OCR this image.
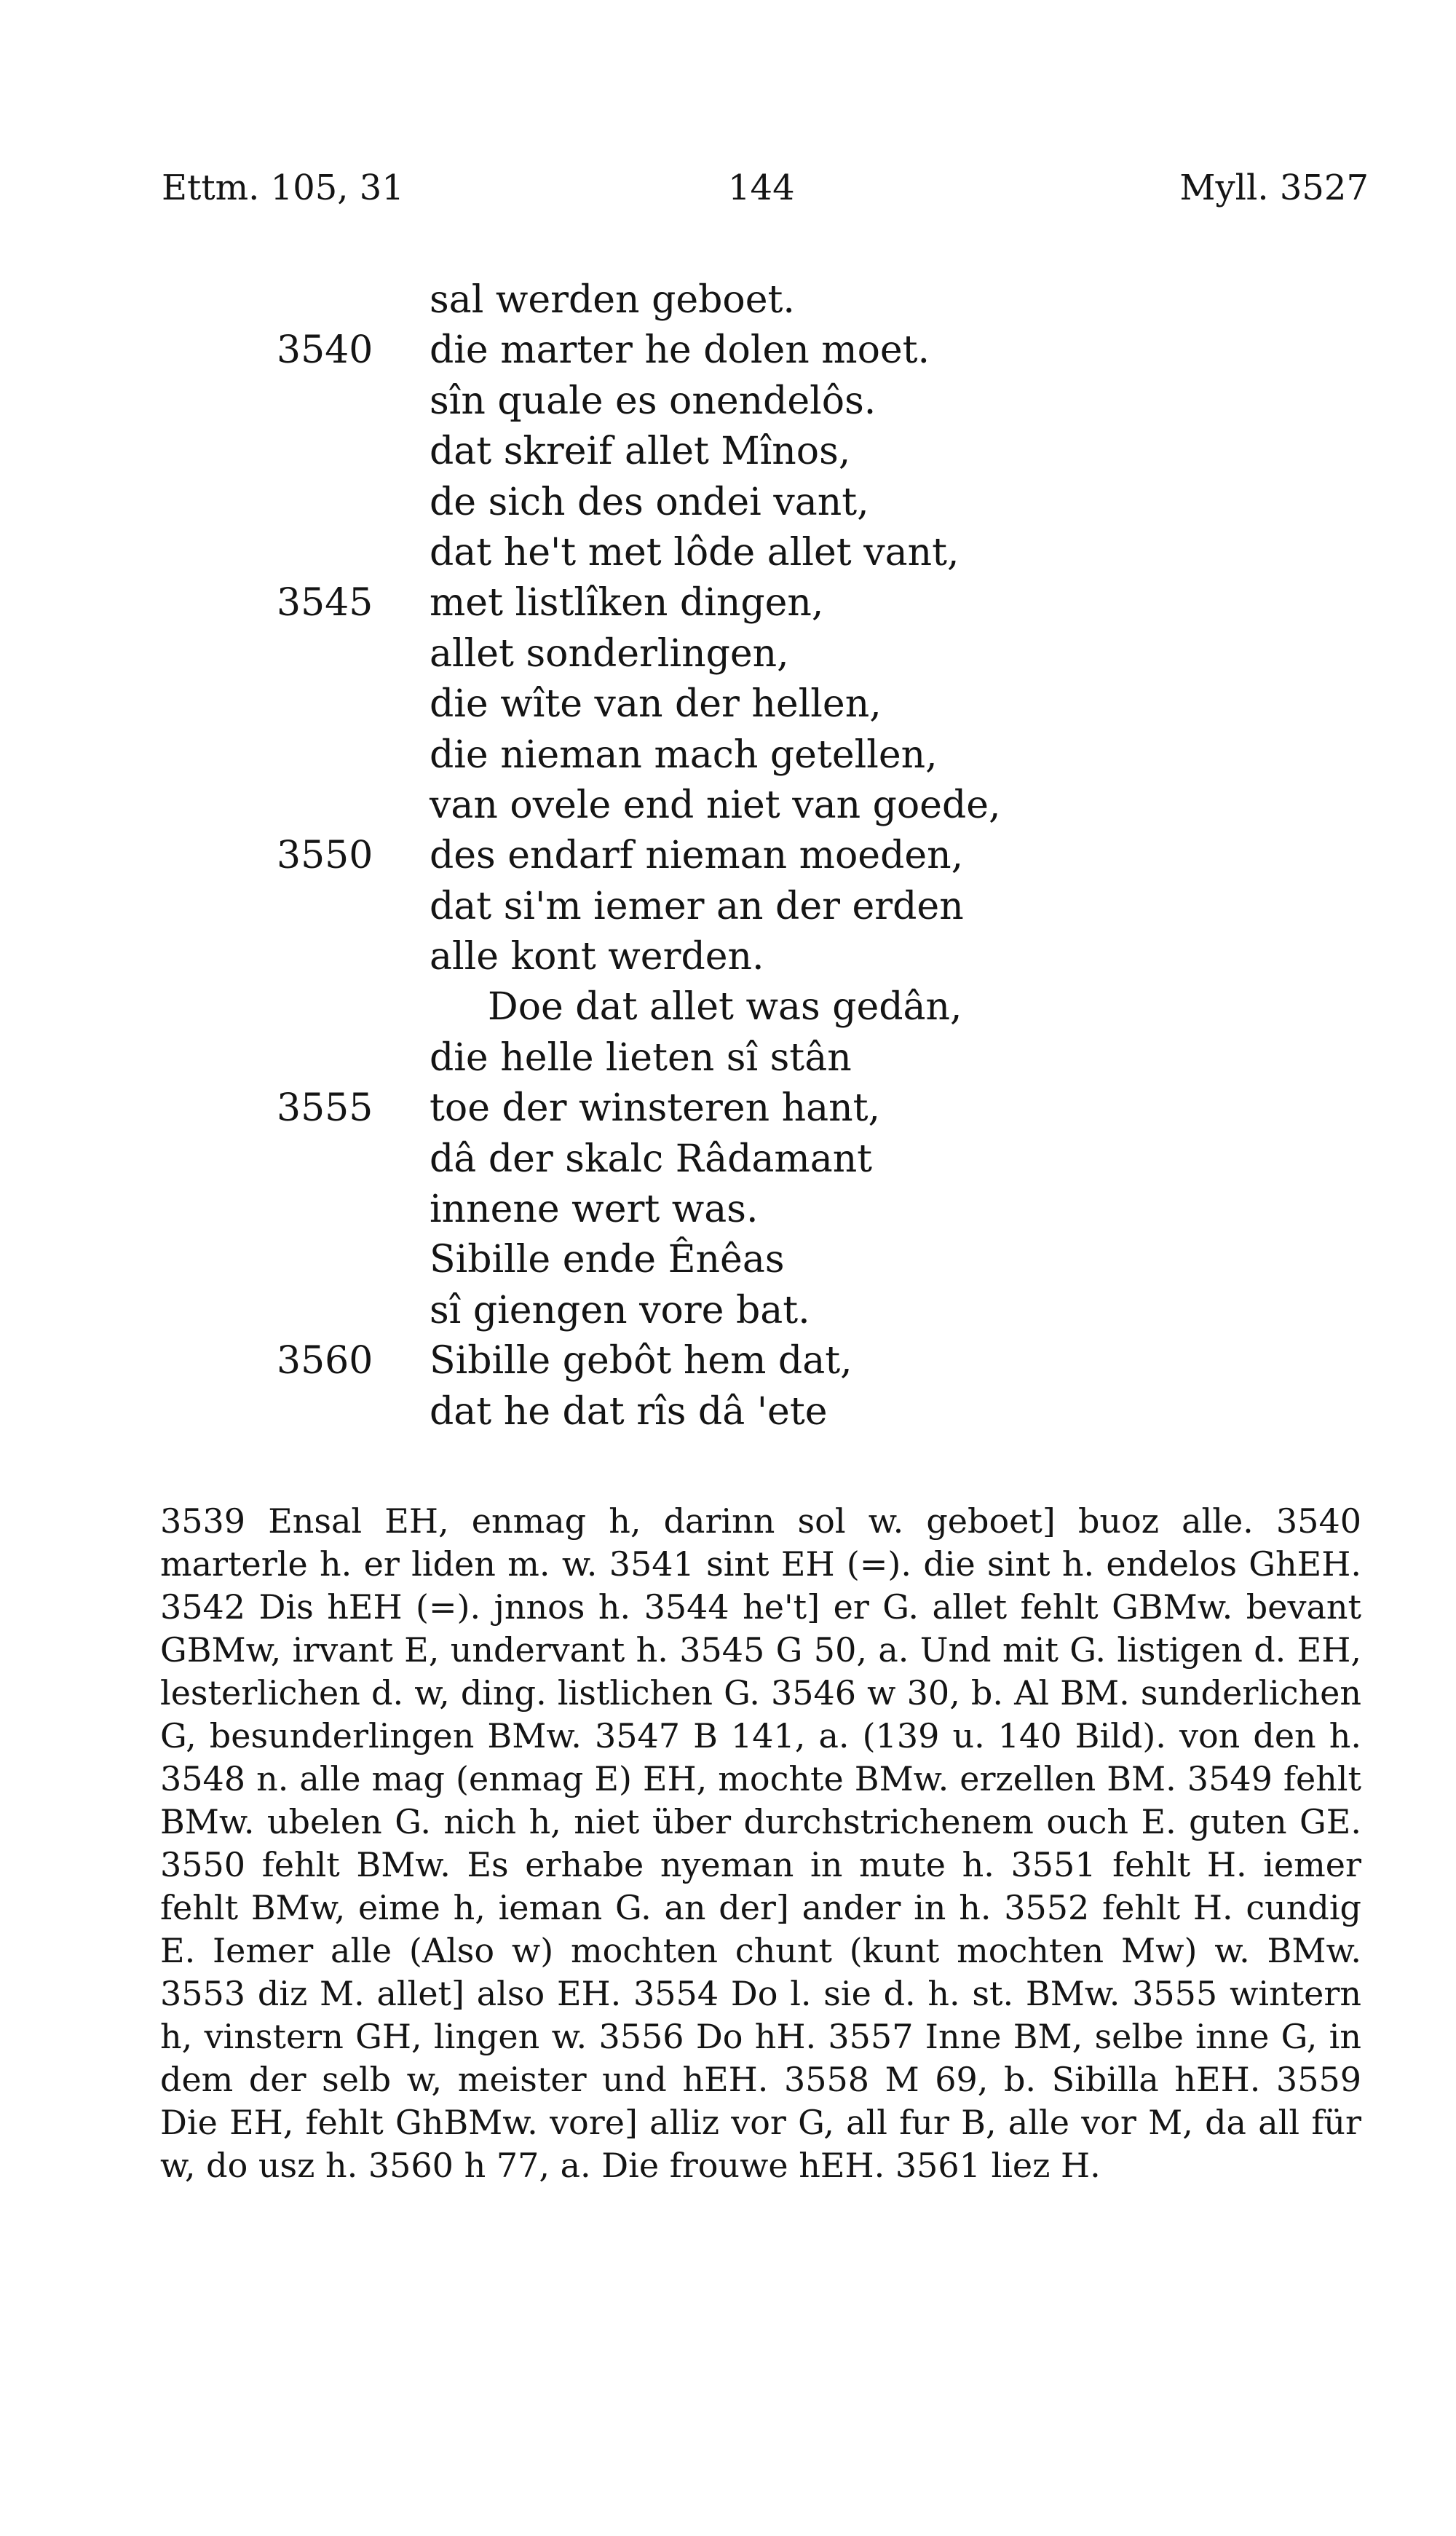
Ettm. 105, 31	144	Myll. 3527
sal werden geboet.
3540	die marter he dolen moet.
sîn quale es onendelôs.
dat skreif allet Mînos,
de sich des ondei vant,
dat he't met lôde allet vant,
3545	met listlîken dingen,
allet sonderlingen,
die wîte van der hellen,
die nieman mach getellen,
van ovele end niet van goede,
3550	des endarf nieman moeden,
dat si'm iemer an der erden
alle kont werden.
Doe dat allet was gedân,
die helle lieten sî stân
3555	toe der winsteren hant,
dâ der skalc Râdamant
innene wert was.
Sibille ende Ênêas
sî giengen vore bat.
3560	Sibille gebôt hem dat,
dat he dat rîs dâ 'ete

3539 Ensal EH, enmag h, darinn sol w. geboet] buoz alle. 3540 marterle h. er liden m. w. 3541 sint EH (=). die sint h. endelos GhEH. 3542 Dis hEH (=). jnnos h. 3544 he't] er G. allet fehlt GBMw. bevant GBMw, irvant E, undervant h. 3545 G 50, a. Und mit G. listigen d. EH, lesterlichen d. w, ding. listlichen G. 3546 w 30, b. Al BM. sunderlichen G, besunderlingen BMw. 3547 B 141, a. (139 u. 140 Bild). von den h. 3548 n. alle mag (enmag E) EH, mochte BMw. erzellen BM. 3549 fehlt BMw. ubelen G. nich h, niet über durchstrichenem ouch E. guten GE. 3550 fehlt BMw. Es erhabe nyeman in mute h. 3551 fehlt H. iemer fehlt BMw, eime h, ieman G. an der] ander in h. 3552 fehlt H. cundig E. Iemer alle (Also w) mochten chunt (kunt mochten Mw) w. BMw. 3553 diz M. allet] also EH. 3554 Do l. sie d. h. st. BMw. 3555 wintern h, vinstern GH, lingen w. 3556 Do hH. 3557 Inne BM, selbe inne G, in dem der selb w, meister und hEH. 3558 M 69, b. Sibilla hEH. 3559 Die EH, fehlt GhBMw. vore] alliz vor G, all fur B, alle vor M, da all für w, do usz h. 3560 h 77, a. Die frouwe hEH. 3561 liez H.
